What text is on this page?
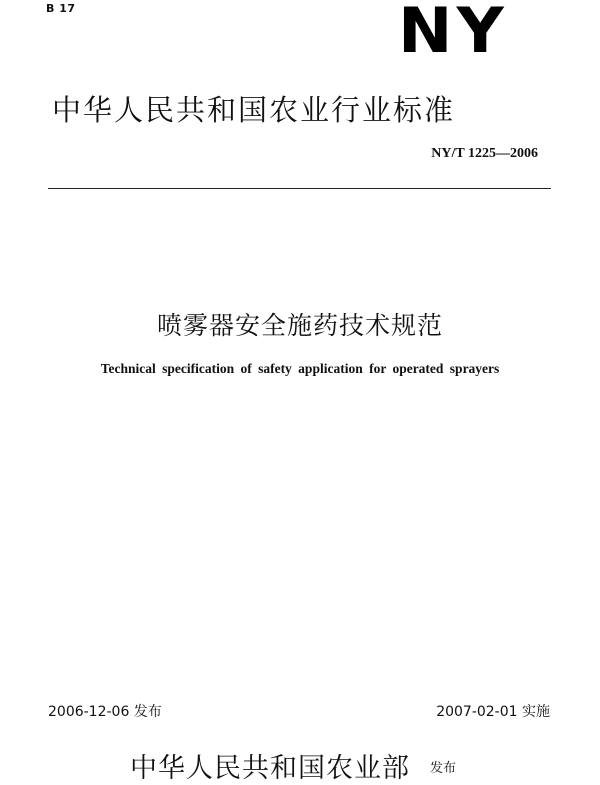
B 17	NY
中华人民共和国农业行业标准
NY/T 1225—2006
喷雾器安全施药技术规范
Technical specification of safety application for operated sprayers
2006-12-06 发布	2007-02-01 实施
中华人民共和国农业部 发布
